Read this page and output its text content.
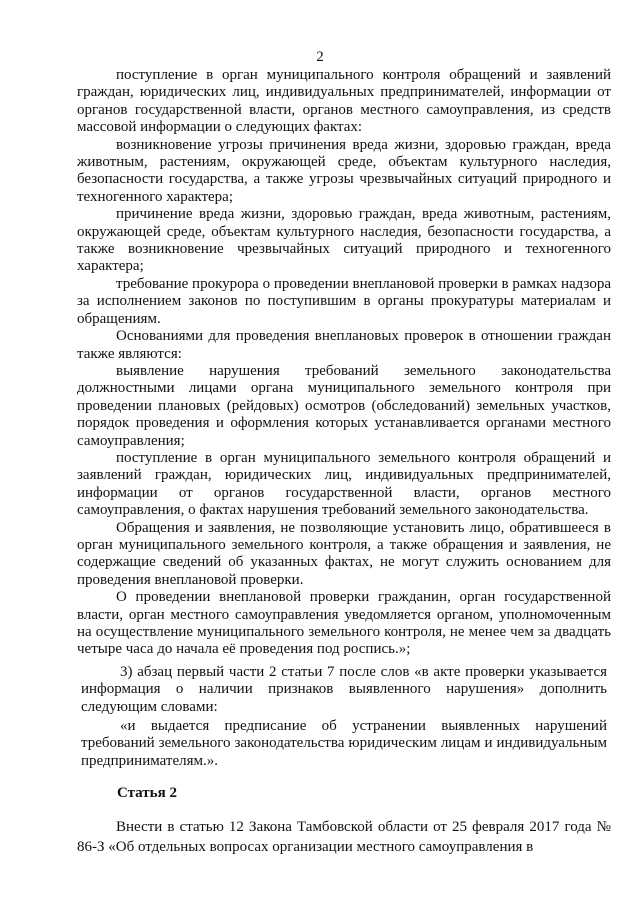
2

поступление в орган муниципального контроля обращений и заявлений граждан, юридических лиц, индивидуальных предпринимателей, информации от органов государственной власти, органов местного самоуправления, из средств массовой информации о следующих фактах:

возникновение угрозы причинения вреда жизни, здоровью граждан, вреда животным, растениям, окружающей среде, объектам культурного наследия, безопасности государства, а также угрозы чрезвычайных ситуаций природного и техногенного характера;

причинение вреда жизни, здоровью граждан, вреда животным, растениям, окружающей среде, объектам культурного наследия, безопасности государства, а также возникновение чрезвычайных ситуаций природного и техногенного характера;

требование прокурора о проведении внеплановой проверки в рамках надзора за исполнением законов по поступившим в органы прокуратуры материалам и обращениям.

Основаниями для проведения внеплановых проверок в отношении граждан также являются:

выявление нарушения требований земельного законодательства должностными лицами органа муниципального земельного контроля при проведении плановых (рейдовых) осмотров (обследований) земельных участков, порядок проведения и оформления которых устанавливается органами местного самоуправления;

поступление в орган муниципального земельного контроля обращений и заявлений граждан, юридических лиц, индивидуальных предпринимателей, информации от органов государственной власти, органов местного самоуправления, о фактах нарушения требований земельного законодательства.

Обращения и заявления, не позволяющие установить лицо, обратившееся в орган муниципального земельного контроля, а также обращения и заявления, не содержащие сведений об указанных фактах, не могут служить основанием для проведения внеплановой проверки.

О проведении внеплановой проверки гражданин, орган государственной власти, орган местного самоуправления уведомляется органом, уполномоченным на осуществление муниципального земельного контроля, не менее чем за двадцать четыре часа до начала её проведения под роспись.»;

3) абзац первый части 2 статьи 7 после слов «в акте проверки указывается информация о наличии признаков выявленного нарушения» дополнить следующим словами:

«и выдается предписание об устранении выявленных нарушений требований земельного законодательства юридическим лицам и индивидуальным предпринимателям.».

Статья 2

Внести в статью 12 Закона Тамбовской области от 25 февраля 2017 года № 86-З «Об отдельных вопросах организации местного самоуправления в
